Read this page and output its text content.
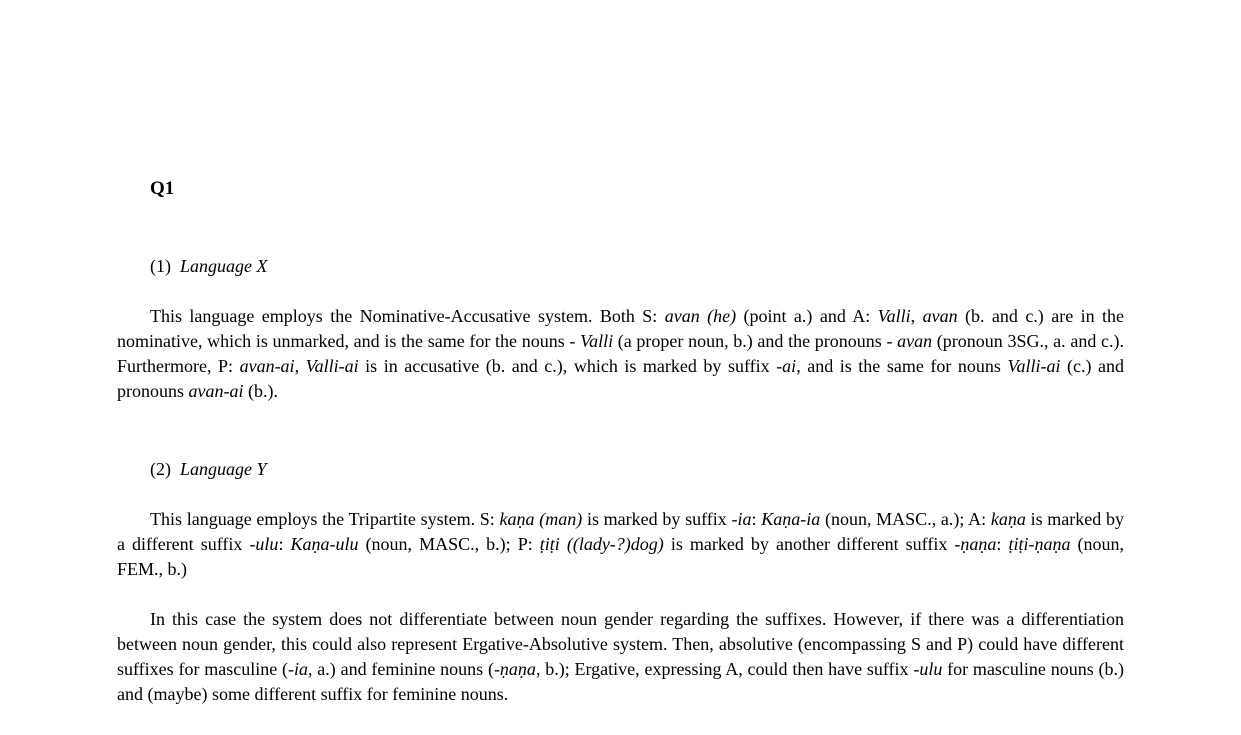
Q1
(1) Language X

This language employs the Nominative-Accusative system. Both S: avan (he) (point a.) and A: Valli, avan (b. and c.) are in the nominative, which is unmarked, and is the same for the nouns - Valli (a proper noun, b.) and the pronouns - avan (pronoun 3SG., a. and c.). Furthermore, P: avan-ai, Valli-ai is in accusative (b. and c.), which is marked by suffix -ai, and is the same for nouns Valli-ai (c.) and pronouns avan-ai (b.).

(2) Language Y

This language employs the Tripartite system. S: kaṇa (man) is marked by suffix -ia: Kaṇa-ia (noun, MASC., a.); A: kaṇa is marked by a different suffix -ulu: Kaṇa-ulu (noun, MASC., b.); P: ṭiṭi ((lady-?)dog) is marked by another different suffix -ṇaṇa: ṭiṭi-ṇaṇa (noun, FEM., b.)

In this case the system does not differentiate between noun gender regarding the suffixes. However, if there was a differentiation between noun gender, this could also represent Ergative-Absolutive system. Then, absolutive (encompassing S and P) could have different suffixes for masculine (-ia, a.) and feminine nouns (-ṇaṇa, b.); Ergative, expressing A, could then have suffix -ulu for masculine nouns (b.) and (maybe) some different suffix for feminine nouns.
